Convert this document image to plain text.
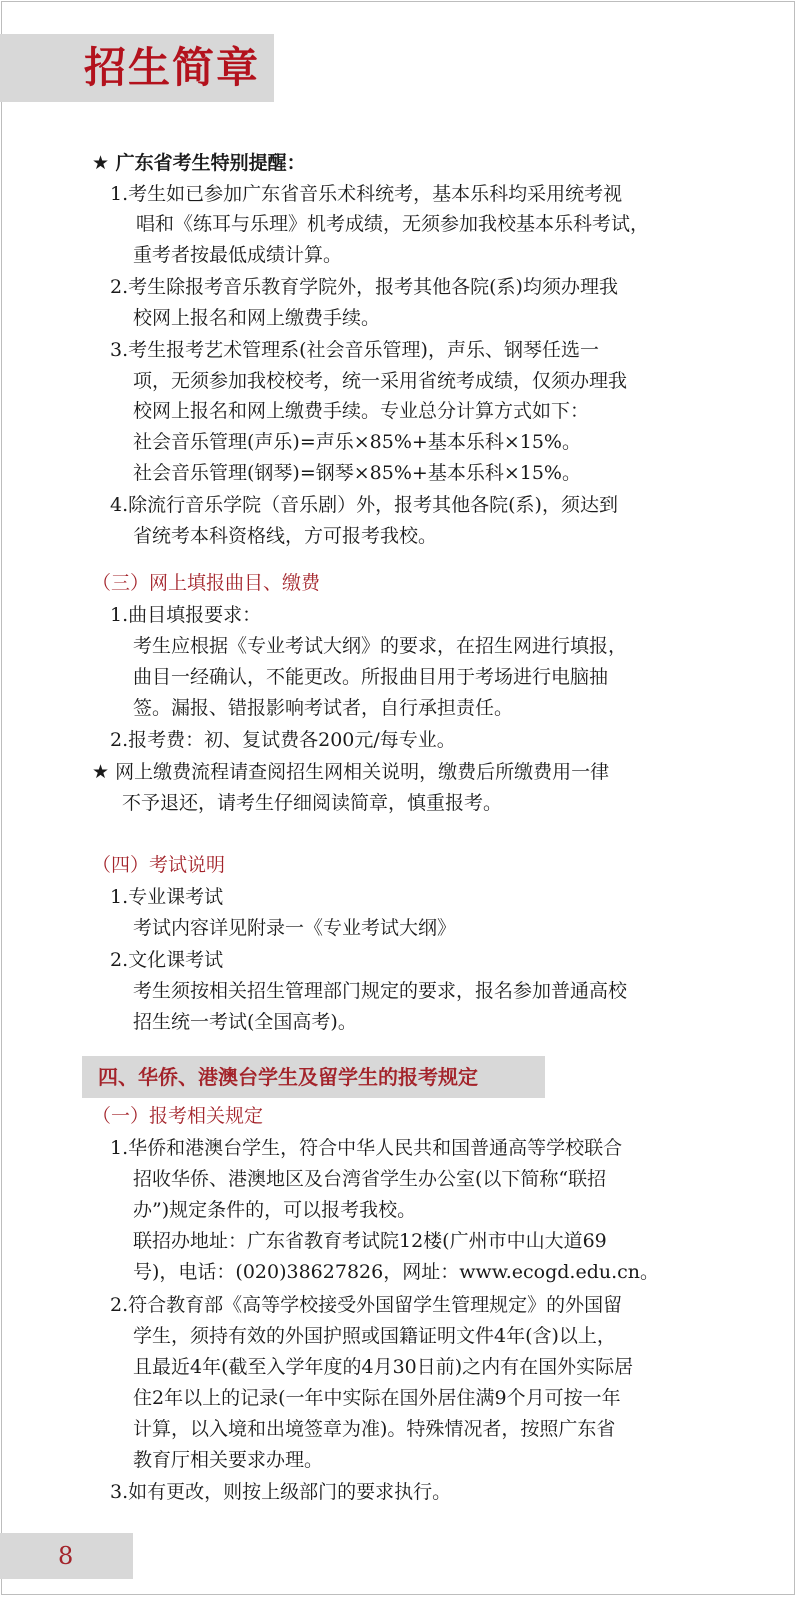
招生简章
★ 广东省考生特别提醒：
1.考生如已参加广东省音乐术科统考，基本乐科均采用统考视
唱和《练耳与乐理》机考成绩，无须参加我校基本乐科考试，
重考者按最低成绩计算。
2.考生除报考音乐教育学院外，报考其他各院(系)均须办理我
校网上报名和网上缴费手续。
3.考生报考艺术管理系(社会音乐管理)，声乐、钢琴任选一
项，无须参加我校校考，统一采用省统考成绩，仅须办理我
校网上报名和网上缴费手续。专业总分计算方式如下：
社会音乐管理(声乐)=声乐×85%+基本乐科×15%。
社会音乐管理(钢琴)=钢琴×85%+基本乐科×15%。
4.除流行音乐学院（音乐剧）外，报考其他各院(系)，须达到
省统考本科资格线，方可报考我校。
（三）网上填报曲目、缴费
1.曲目填报要求：
考生应根据《专业考试大纲》的要求，在招生网进行填报，
曲目一经确认，不能更改。所报曲目用于考场进行电脑抽
签。漏报、错报影响考试者，自行承担责任。
2.报考费：初、复试费各200元/每专业。
★ 网上缴费流程请查阅招生网相关说明，缴费后所缴费用一律
不予退还，请考生仔细阅读简章，慎重报考。
（四）考试说明
1.专业课考试
考试内容详见附录一《专业考试大纲》
2.文化课考试
考生须按相关招生管理部门规定的要求，报名参加普通高校
招生统一考试(全国高考)。
四、华侨、港澳台学生及留学生的报考规定
（一）报考相关规定
1.华侨和港澳台学生，符合中华人民共和国普通高等学校联合
招收华侨、港澳地区及台湾省学生办公室(以下简称“联招
办”)规定条件的，可以报考我校。
联招办地址：广东省教育考试院12楼(广州市中山大道69
号)，电话：(020)38627826，网址：www.ecogd.edu.cn。
2.符合教育部《高等学校接受外国留学生管理规定》的外国留
学生，须持有效的外国护照或国籍证明文件4年(含)以上，
且最近4年(截至入学年度的4月30日前)之内有在国外实际居
住2年以上的记录(一年中实际在国外居住满9个月可按一年
计算，以入境和出境签章为准)。特殊情况者，按照广东省
教育厅相关要求办理。
3.如有更改，则按上级部门的要求执行。
8
